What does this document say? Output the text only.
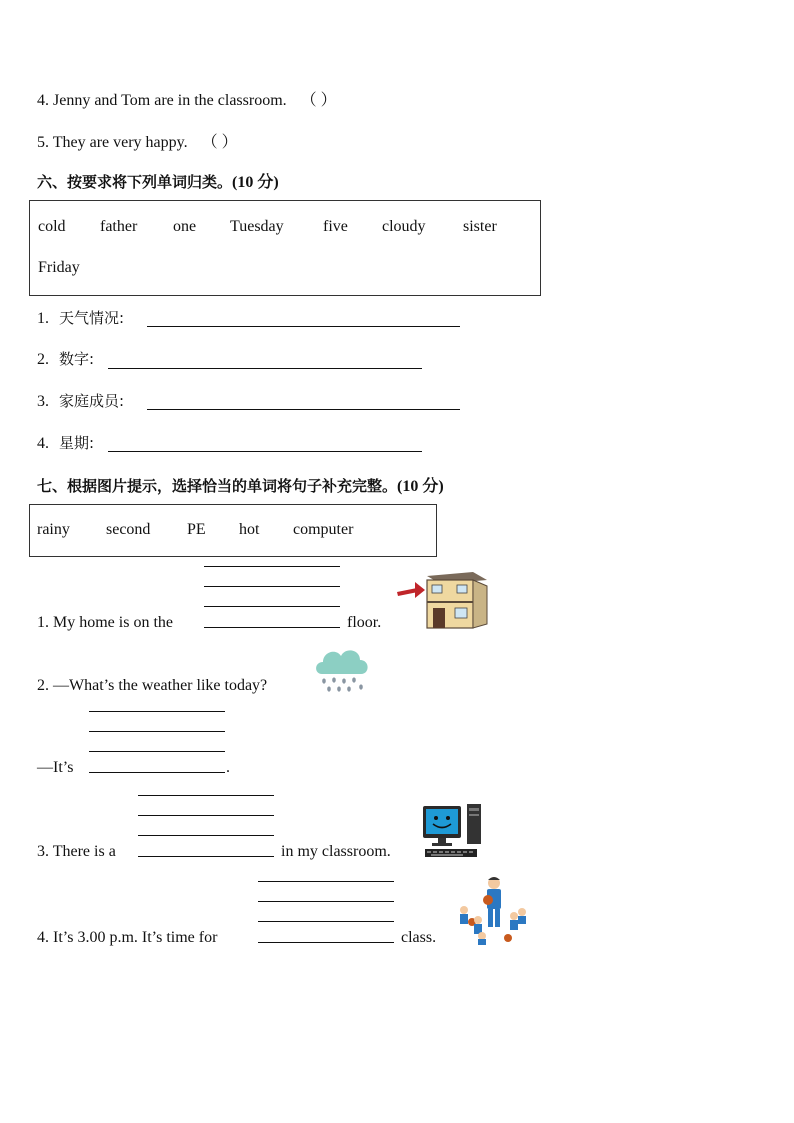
4. Jenny and Tom are in the classroom. （ ）
5. They are very happy. （ ）
六、按要求将下列单词归类。(10 分)
cold father one Tuesday five cloudy sister
Friday
1. 天气情况:
2. 数字:
3. 家庭成员:
4. 星期:
七、根据图片提示，选择恰当的单词将句子补充完整。(10 分)
rainy second PE hot computer
1. My home is on the	floor.
2. —What’s the weather like today?
—It’s	.
3. There is a	in my classroom.
4. It’s 3.00 p.m. It’s time for	class.
